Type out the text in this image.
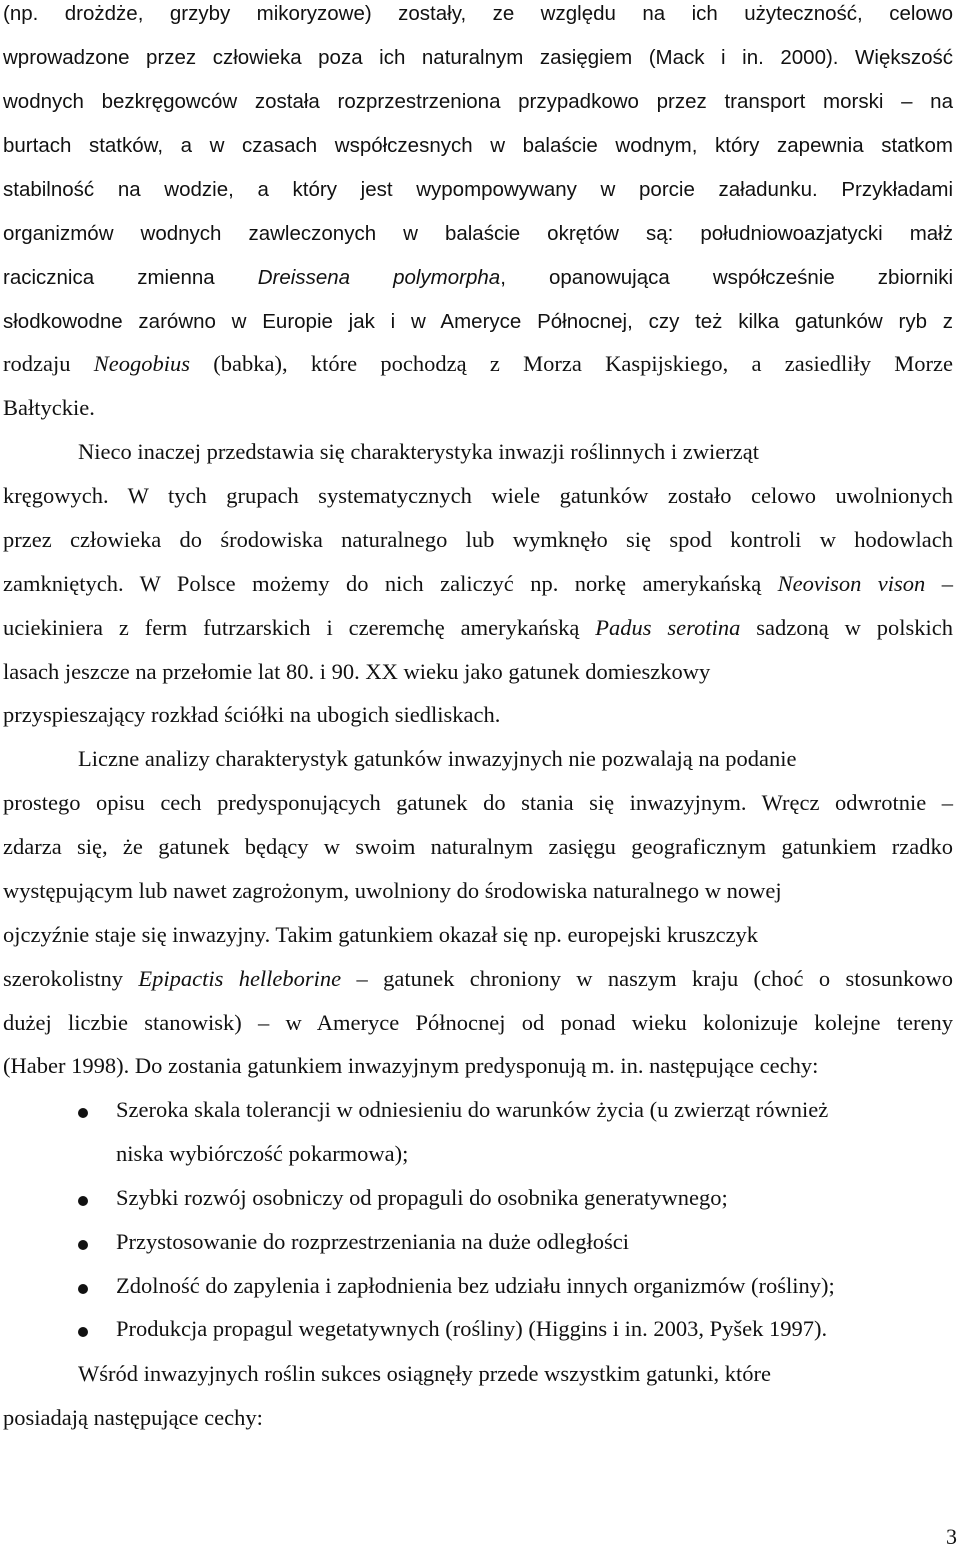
(np. drożdże, grzyby mikoryzowe) zostały, ze względu na ich użyteczność, celowo
wprowadzone przez człowieka poza ich naturalnym zasięgiem (Mack i in. 2000). Większość
wodnych bezkręgowców została rozprzestrzeniona przypadkowo przez transport morski – na
burtach statków, a w czasach współczesnych w balaście wodnym, który zapewnia statkom
stabilność na wodzie, a który jest wypompowywany w porcie załadunku. Przykładami
organizmów wodnych zawleczonych w balaście okrętów są: południowoazjatycki małż
racicznica zmienna Dreissena polymorpha, opanowująca współcześnie zbiorniki
słodkowodne zarówno w Europie jak i w Ameryce Północnej, czy też kilka gatunków ryb z
rodzaju Neogobius (babka), które pochodzą z Morza Kaspijskiego, a zasiedliły Morze
Bałtyckie.
Nieco inaczej przedstawia się charakterystyka inwazji roślinnych i zwierząt
kręgowych. W tych grupach systematycznych wiele gatunków zostało celowo uwolnionych
przez człowieka do środowiska naturalnego lub wymknęło się spod kontroli w hodowlach
zamkniętych. W Polsce możemy do nich zaliczyć np. norkę amerykańską Neovison vison –
uciekiniera z ferm futrzarskich i czeremchę amerykańską Padus serotina sadzoną w polskich
lasach jeszcze na przełomie lat 80. i 90. XX wieku jako gatunek domieszkowy
przyspieszający rozkład ściółki na ubogich siedliskach.
Liczne analizy charakterystyk gatunków inwazyjnych nie pozwalają na podanie
prostego opisu cech predysponujących gatunek do stania się inwazyjnym. Wręcz odwrotnie –
zdarza się, że gatunek będący w swoim naturalnym zasięgu geograficznym gatunkiem rzadko
występującym lub nawet zagrożonym, uwolniony do środowiska naturalnego w nowej
ojczyźnie staje się inwazyjny. Takim gatunkiem okazał się np. europejski kruszczyk
szerokolistny Epipactis helleborine – gatunek chroniony w naszym kraju (choć o stosunkowo
dużej liczbie stanowisk) – w Ameryce Północnej od ponad wieku kolonizuje kolejne tereny
(Haber 1998). Do zostania gatunkiem inwazyjnym predysponują m. in. następujące cechy:
Szeroka skala tolerancji w odniesieniu do warunków życia (u zwierząt również
niska wybiórczość pokarmowa);
Szybki rozwój osobniczy od propaguli do osobnika generatywnego;
Przystosowanie do rozprzestrzeniania na duże odległości
Zdolność do zapylenia i zapłodnienia bez udziału innych organizmów (rośliny);
Produkcja propagul wegetatywnych (rośliny) (Higgins i in. 2003, Pyšek 1997).
Wśród inwazyjnych roślin sukces osiągnęły przede wszystkim gatunki, które
posiadają następujące cechy:
3
